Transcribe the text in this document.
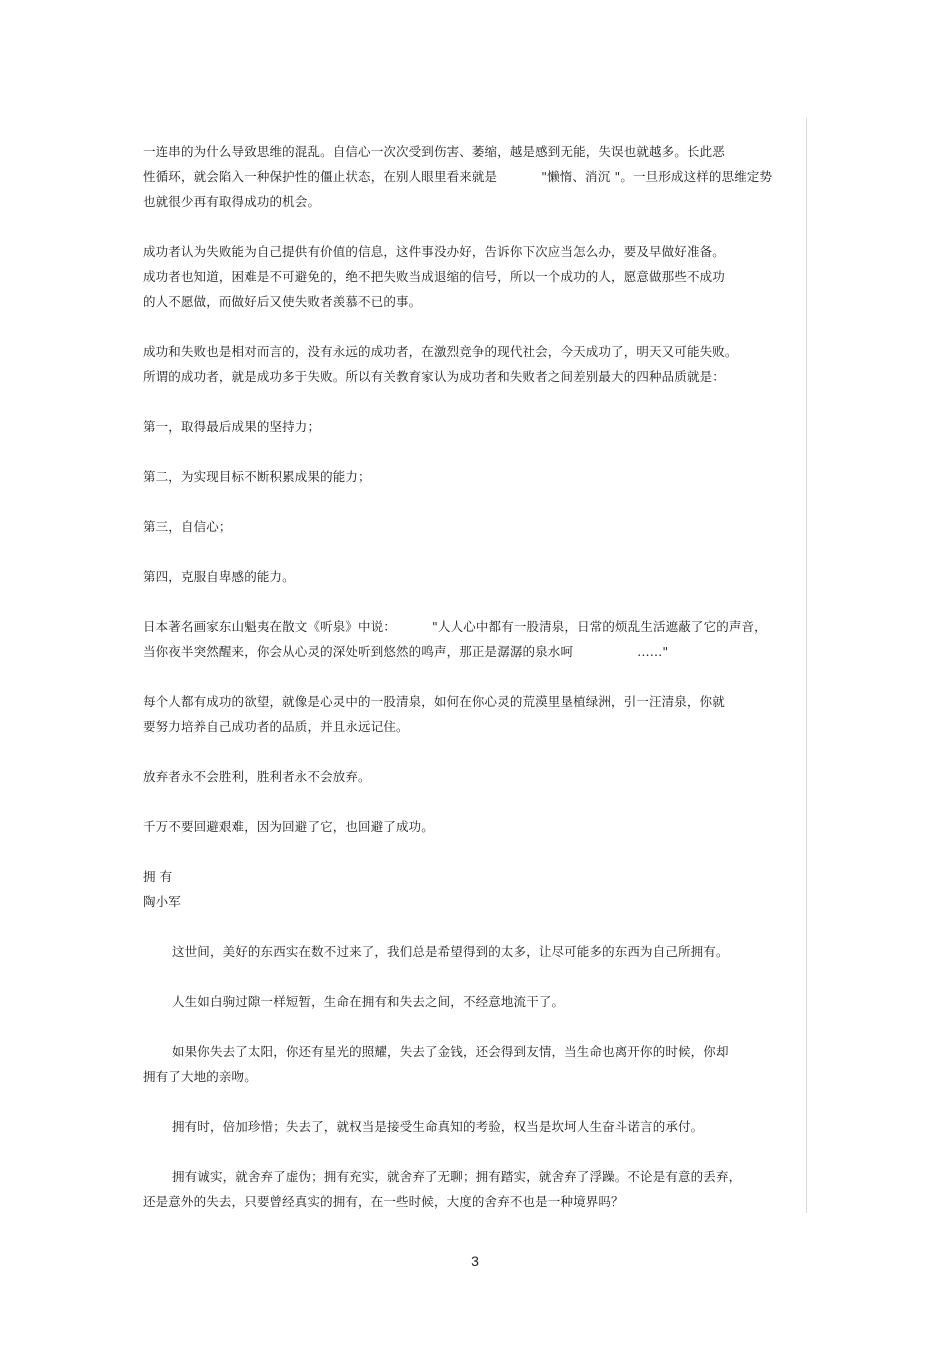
一连串的为什么导致思维的混乱。自信心一次次受到伤害、萎缩，越是感到无能，失误也就越多。长此恶
性循环，就会陷入一种保护性的僵止状态，在别人眼里看来就是	"懒惰、消沉 "。一旦形成这样的思维定势
也就很少再有取得成功的机会。
成功者认为失败能为自己提供有价值的信息，这件事没办好，告诉你下次应当怎么办，要及早做好准备。
成功者也知道，困难是不可避免的，绝不把失败当成退缩的信号，所以一个成功的人，愿意做那些不成功
的人不愿做，而做好后又使失败者羡慕不已的事。
成功和失败也是相对而言的，没有永远的成功者，在激烈竞争的现代社会，今天成功了，明天又可能失败。
所谓的成功者，就是成功多于失败。所以有关教育家认为成功者和失败者之间差别最大的四种品质就是：
第一，取得最后成果的坚持力；
第二，为实现目标不断积累成果的能力；
第三，自信心；
第四，克服自卑感的能力。
日本著名画家东山魁夷在散文《听泉》中说：	"人人心中都有一股清泉，日常的烦乱生活遮蔽了它的声音，
当你夜半突然醒来，你会从心灵的深处听到悠然的鸣声，那正是潺潺的泉水呵	……"
每个人都有成功的欲望，就像是心灵中的一股清泉，如何在你心灵的荒漠里垦植绿洲，引一汪清泉，你就
要努力培养自己成功者的品质，并且永远记住。
放弃者永不会胜利，胜利者永不会放弃。
千万不要回避艰难，因为回避了它，也回避了成功。
拥 有
陶小军
这世间，美好的东西实在数不过来了，我们总是希望得到的太多，让尽可能多的东西为自己所拥有。
人生如白驹过隙一样短暂，生命在拥有和失去之间，不经意地流干了。
如果你失去了太阳，你还有星光的照耀，失去了金钱，还会得到友情，当生命也离开你的时候，你却
拥有了大地的亲吻。
拥有时，倍加珍惜；失去了，就权当是接受生命真知的考验，权当是坎坷人生奋斗诺言的承付。
拥有诚实，就舍弃了虚伪；拥有充实，就舍弃了无聊；拥有踏实，就舍弃了浮躁。不论是有意的丢弃，
还是意外的失去，只要曾经真实的拥有，在一些时候，大度的舍弃不也是一种境界吗？
3
